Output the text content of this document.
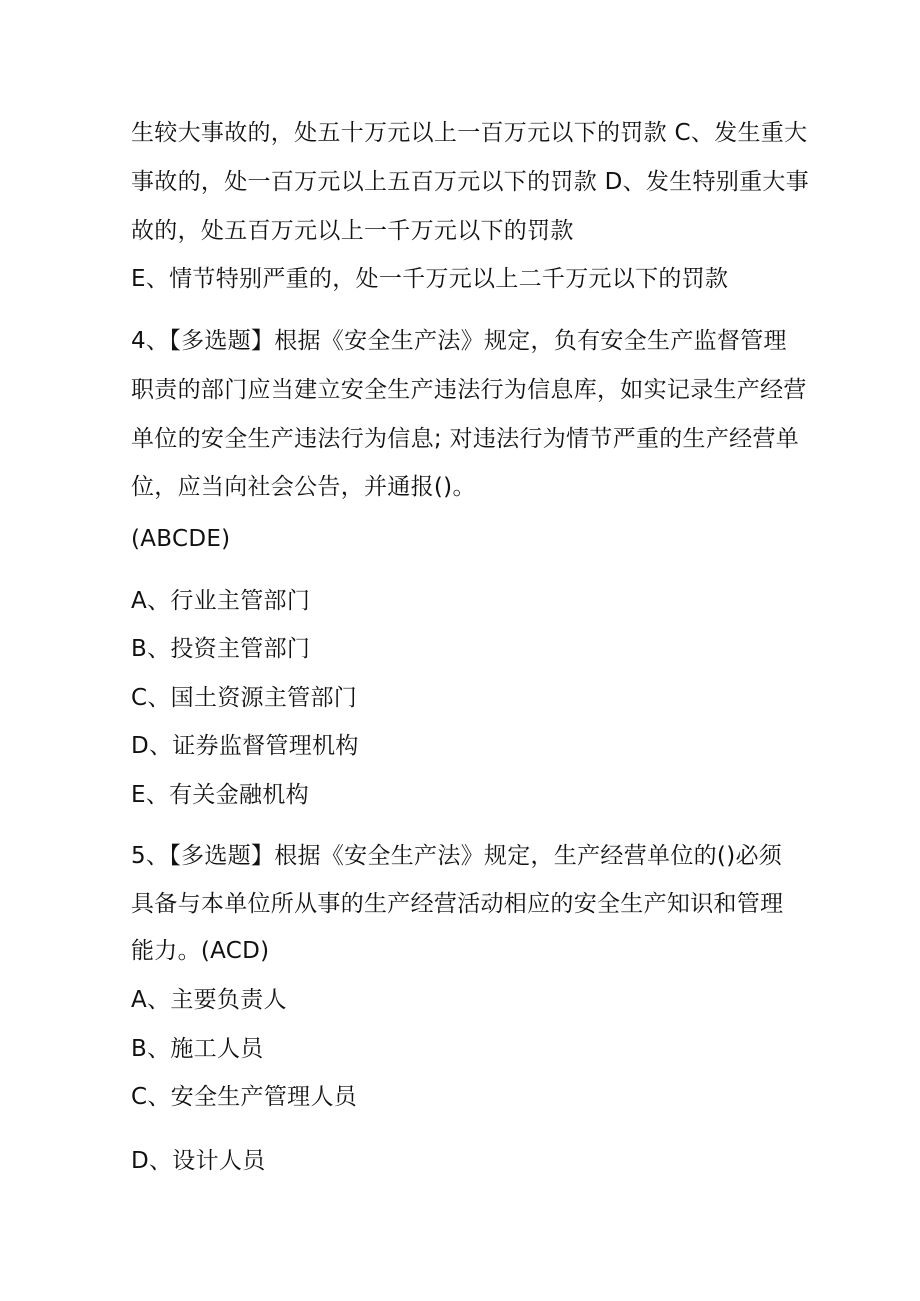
生较大事故的，处五十万元以上一百万元以下的罚款 C、发生重大
事故的，处一百万元以上五百万元以下的罚款 D、发生特别重大事
故的，处五百万元以上一千万元以下的罚款
E、情节特别严重的，处一千万元以上二千万元以下的罚款
4、【多选题】根据《安全生产法》规定，负有安全生产监督管理
职责的部门应当建立安全生产违法行为信息库，如实记录生产经营
单位的安全生产违法行为信息; 对违法行为情节严重的生产经营单
位，应当向社会公告，并通报()。
(ABCDE)
A、行业主管部门
B、投资主管部门
C、国土资源主管部门
D、证券监督管理机构
E、有关金融机构
5、【多选题】根据《安全生产法》规定，生产经营单位的()必须
具备与本单位所从事的生产经营活动相应的安全生产知识和管理
能力。(ACD)
A、主要负责人
B、施工人员
C、安全生产管理人员
D、设计人员
